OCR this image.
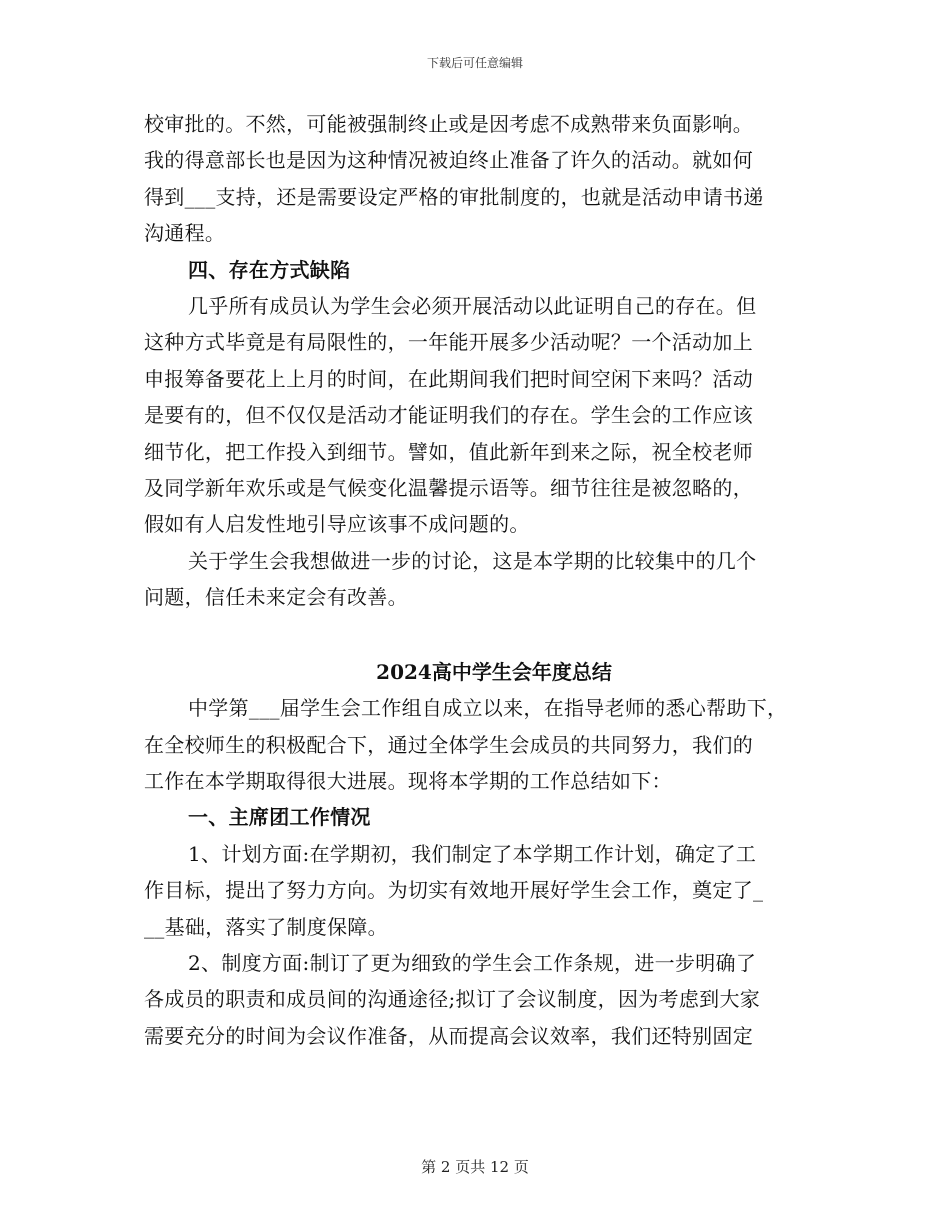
下载后可任意编辑
校审批的。不然，可能被强制终止或是因考虑不成熟带来负面影响。
我的得意部长也是因为这种情况被迫终止准备了许久的活动。就如何
得到___支持，还是需要设定严格的审批制度的，也就是活动申请书递
沟通程。
四、存在方式缺陷
几乎所有成员认为学生会必须开展活动以此证明自己的存在。但
这种方式毕竟是有局限性的，一年能开展多少活动呢？一个活动加上
申报筹备要花上上月的时间，在此期间我们把时间空闲下来吗？活动
是要有的，但不仅仅是活动才能证明我们的存在。学生会的工作应该
细节化，把工作投入到细节。譬如，值此新年到来之际，祝全校老师
及同学新年欢乐或是气候变化温馨提示语等。细节往往是被忽略的，
假如有人启发性地引导应该事不成问题的。
关于学生会我想做进一步的讨论，这是本学期的比较集中的几个
问题，信任未来定会有改善。
2024高中学生会年度总结
中学第___届学生会工作组自成立以来，在指导老师的悉心帮助下，
在全校师生的积极配合下，通过全体学生会成员的共同努力，我们的
工作在本学期取得很大进展。现将本学期的工作总结如下：
一、主席团工作情况
1、计划方面:在学期初，我们制定了本学期工作计划，确定了工
作目标，提出了努力方向。为切实有效地开展好学生会工作，奠定了_
__基础，落实了制度保障。
2、制度方面:制订了更为细致的学生会工作条规，进一步明确了
各成员的职责和成员间的沟通途径;拟订了会议制度，因为考虑到大家
需要充分的时间为会议作准备，从而提高会议效率，我们还特别固定
第 2 页共 12 页
